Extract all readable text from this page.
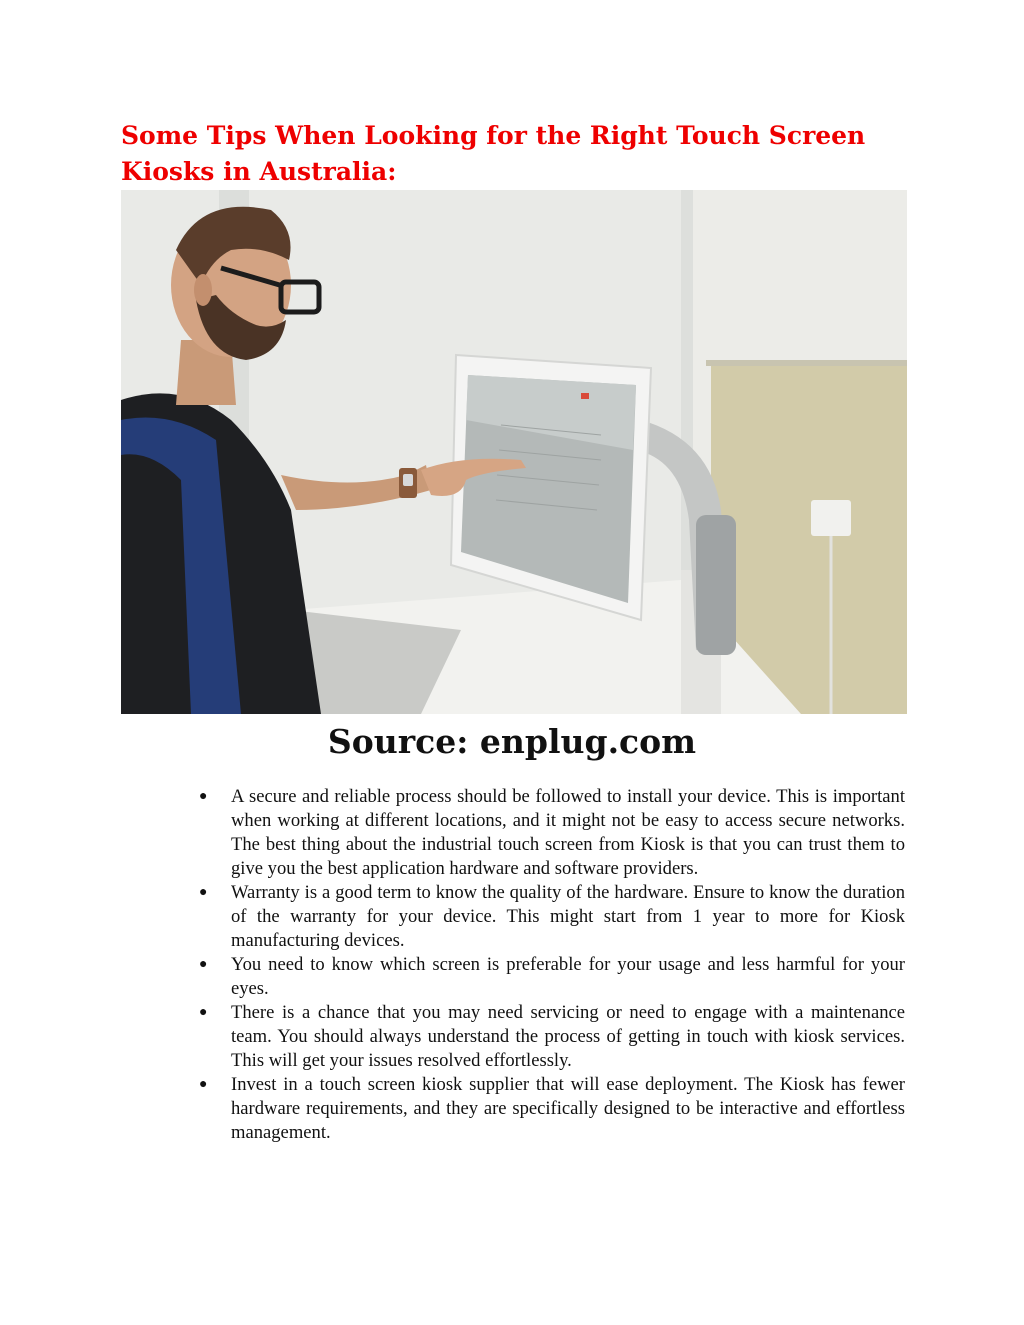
Some Tips When Looking for the Right Touch Screen Kiosks in Australia:

Source: enplug.com

● A secure and reliable process should be followed to install your device. This is important when working at different locations, and it might not be easy to access secure networks. The best thing about the industrial touch screen from Kiosk is that you can trust them to give you the best application hardware and software providers.
● Warranty is a good term to know the quality of the hardware. Ensure to know the duration of the warranty for your device. This might start from 1 year to more for Kiosk manufacturing devices.
● You need to know which screen is preferable for your usage and less harmful for your eyes.
● There is a chance that you may need servicing or need to engage with a maintenance team. You should always understand the process of getting in touch with kiosk services. This will get your issues resolved effortlessly.
● Invest in a touch screen kiosk supplier that will ease deployment. The Kiosk has fewer hardware requirements, and they are specifically designed to be interactive and effortless management.
